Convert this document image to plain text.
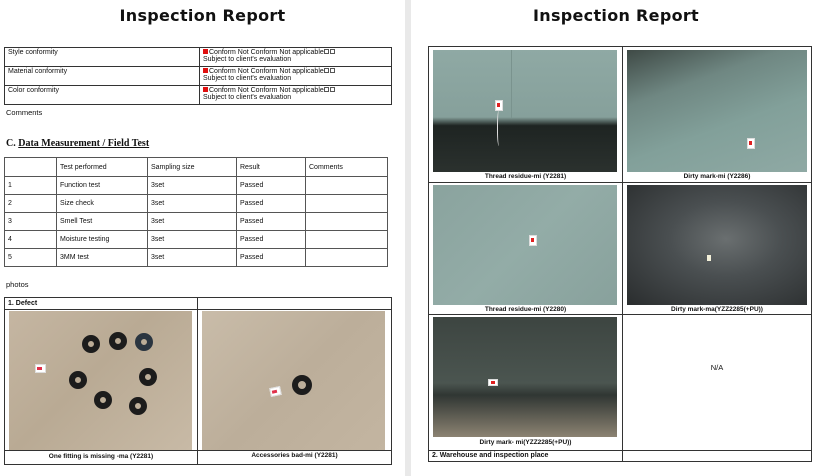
Inspection Report
Style conformity	Conform Not Conform Not applicable
Subject to client's evaluation
Material conformity	Conform Not Conform Not applicable
Subject to client's evaluation
Color conformity	Conform Not Conform Not applicable
Subject to client's evaluation
Comments
C. Data Measurement / Field Test
	Test performed	Sampling size	Result	Comments
1	Function test	3set	Passed	
2	Size check	3set	Passed	
3	Smell Test	3set	Passed	
4	Moisture testing	3set	Passed	
5	3MM test	3set	Passed	
photos
1. Defect
One fitting is missing -ma (Y2281)	Accessories bad-mi (Y2281)
Inspection Report
Thread residue-mi (Y2281)	Dirty mark-mi (Y2286)
Thread residue-mi (Y2280)	Dirty mark-ma(YZZ2285(+PU))
Dirty mark- mi(YZZ2285(+PU))
N/A
2. Warehouse and inspection place
